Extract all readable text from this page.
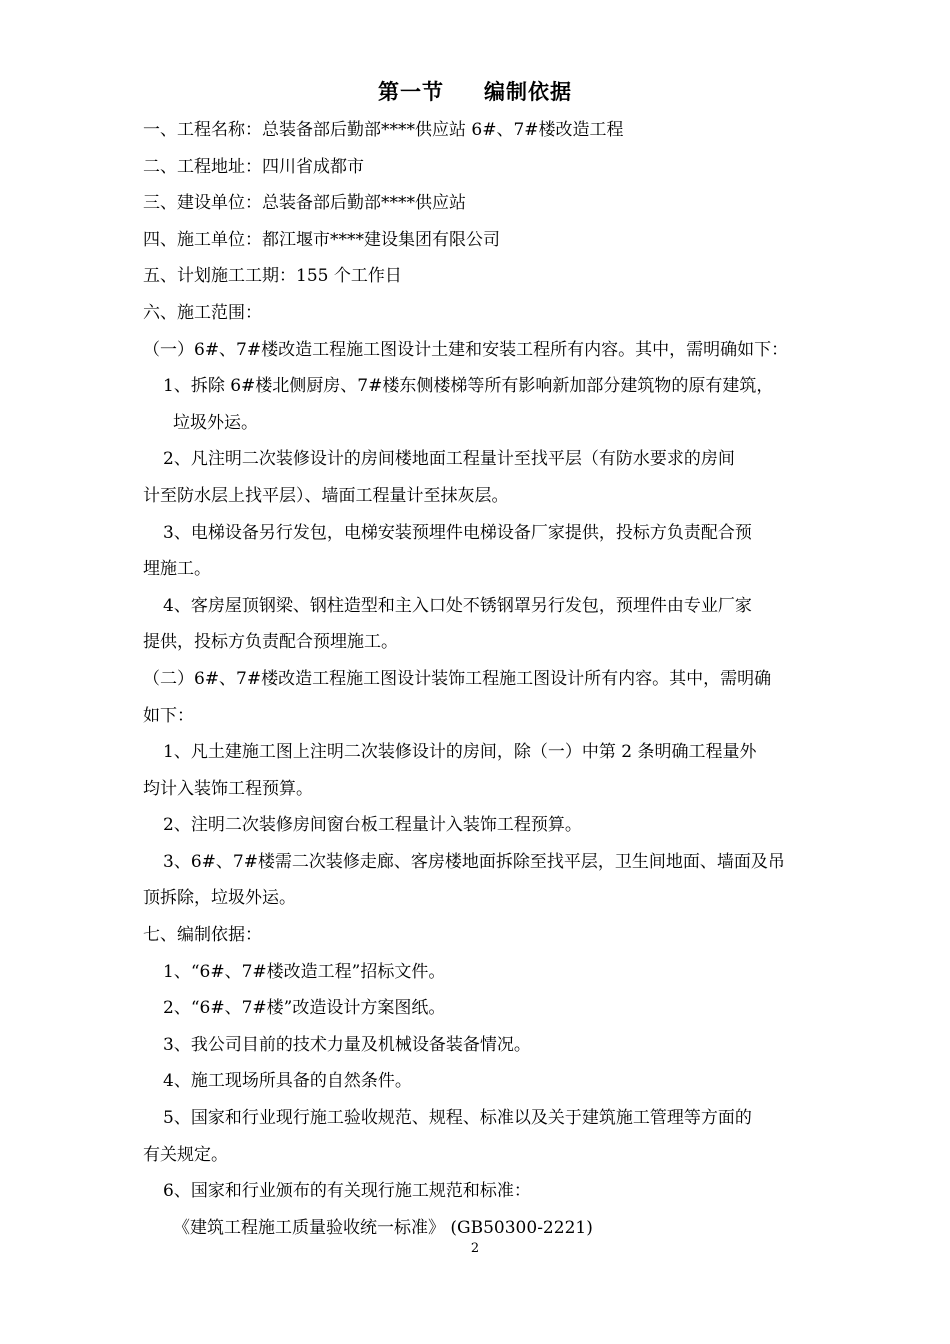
第一节 编制依据
一、工程名称：总装备部后勤部****供应站 6#、7#楼改造工程
二、工程地址：四川省成都市
三、建设单位：总装备部后勤部****供应站
四、施工单位：都江堰市****建设集团有限公司
五、计划施工工期：155 个工作日
六、施工范围：
（一）6#、7#楼改造工程施工图设计土建和安装工程所有内容。其中，需明确如下：
1、拆除 6#楼北侧厨房、7#楼东侧楼梯等所有影响新加部分建筑物的原有建筑，
垃圾外运。
2、凡注明二次装修设计的房间楼地面工程量计至找平层（有防水要求的房间
计至防水层上找平层）、墙面工程量计至抹灰层。
3、电梯设备另行发包，电梯安装预埋件电梯设备厂家提供，投标方负责配合预
埋施工。
4、客房屋顶钢梁、钢柱造型和主入口处不锈钢罩另行发包，预埋件由专业厂家
提供，投标方负责配合预埋施工。
（二）6#、7#楼改造工程施工图设计装饰工程施工图设计所有内容。其中，需明确
如下：
1、凡土建施工图上注明二次装修设计的房间，除（一）中第 2 条明确工程量外
均计入装饰工程预算。
2、注明二次装修房间窗台板工程量计入装饰工程预算。
3、6#、7#楼需二次装修走廊、客房楼地面拆除至找平层，卫生间地面、墙面及吊
顶拆除，垃圾外运。
七、编制依据：
1、“6#、7#楼改造工程”招标文件。
2、“6#、7#楼”改造设计方案图纸。
3、我公司目前的技术力量及机械设备装备情况。
4、施工现场所具备的自然条件。
5、国家和行业现行施工验收规范、规程、标准以及关于建筑施工管理等方面的
有关规定。
6、国家和行业颁布的有关现行施工规范和标准：
《建筑工程施工质量验收统一标准》 (GB50300-2221)
2
